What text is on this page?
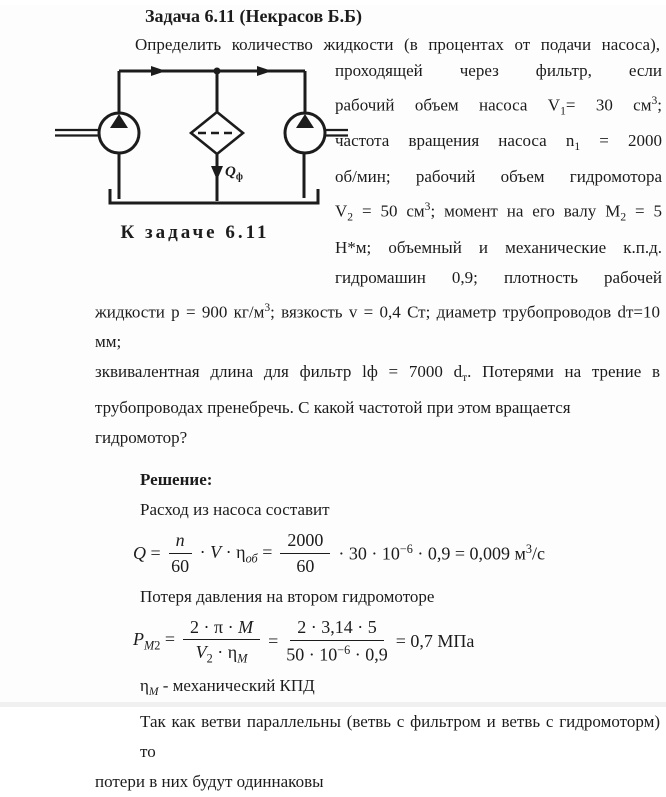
Задача 6.11 (Некрасов Б.Б)
Определить количество жидкости (в процентах от подачи насоса),
$Q_ф$
К задаче 6.11
проходящей через фильтр, если
рабочий объем насоса $V_1= 30$ $см^3$;
частота вращения насоса $n_1 = 2000$
об/мин; рабочий объем гидромотора
$V_2 = 50$ $см^3$; момент на его валу $M_2 = 5$
Н*м; объемный и механические к.п.д.
гидромашин 0,9; плотность рабочей
жидкости р = 900 $кг/м^3$; вязкость v = 0,4 Ст; диаметр трубопроводов dт=10 мм;
зквивалентная длина для фильтр lф = 7000 $d_т$. Потерями на трение в
трубопроводах пренебречь. С какой частотой при этом вращается гидромотор?
Решение:
Расход из насоса составит
$Q = \frac{n}{60} \cdot V \cdot \eta_{об} = \frac{2000}{60} \cdot 30 \cdot 10^{-6} \cdot 0,9 = 0,009$ $м^3/с$
Потеря давления на втором гидромоторе
$P_{M2} = \frac{2 \cdot \pi \cdot M}{V_2 \cdot \eta_M} = \frac{2 \cdot 3,14 \cdot 5}{50 \cdot 10^{-6} \cdot 0,9} = 0,7$ МПа
$\eta_M$ - механический КПД
Так как ветви параллельны (ветвь с фильтром и ветвь с гидромоторм) то
потери в них будут одиннаковы
